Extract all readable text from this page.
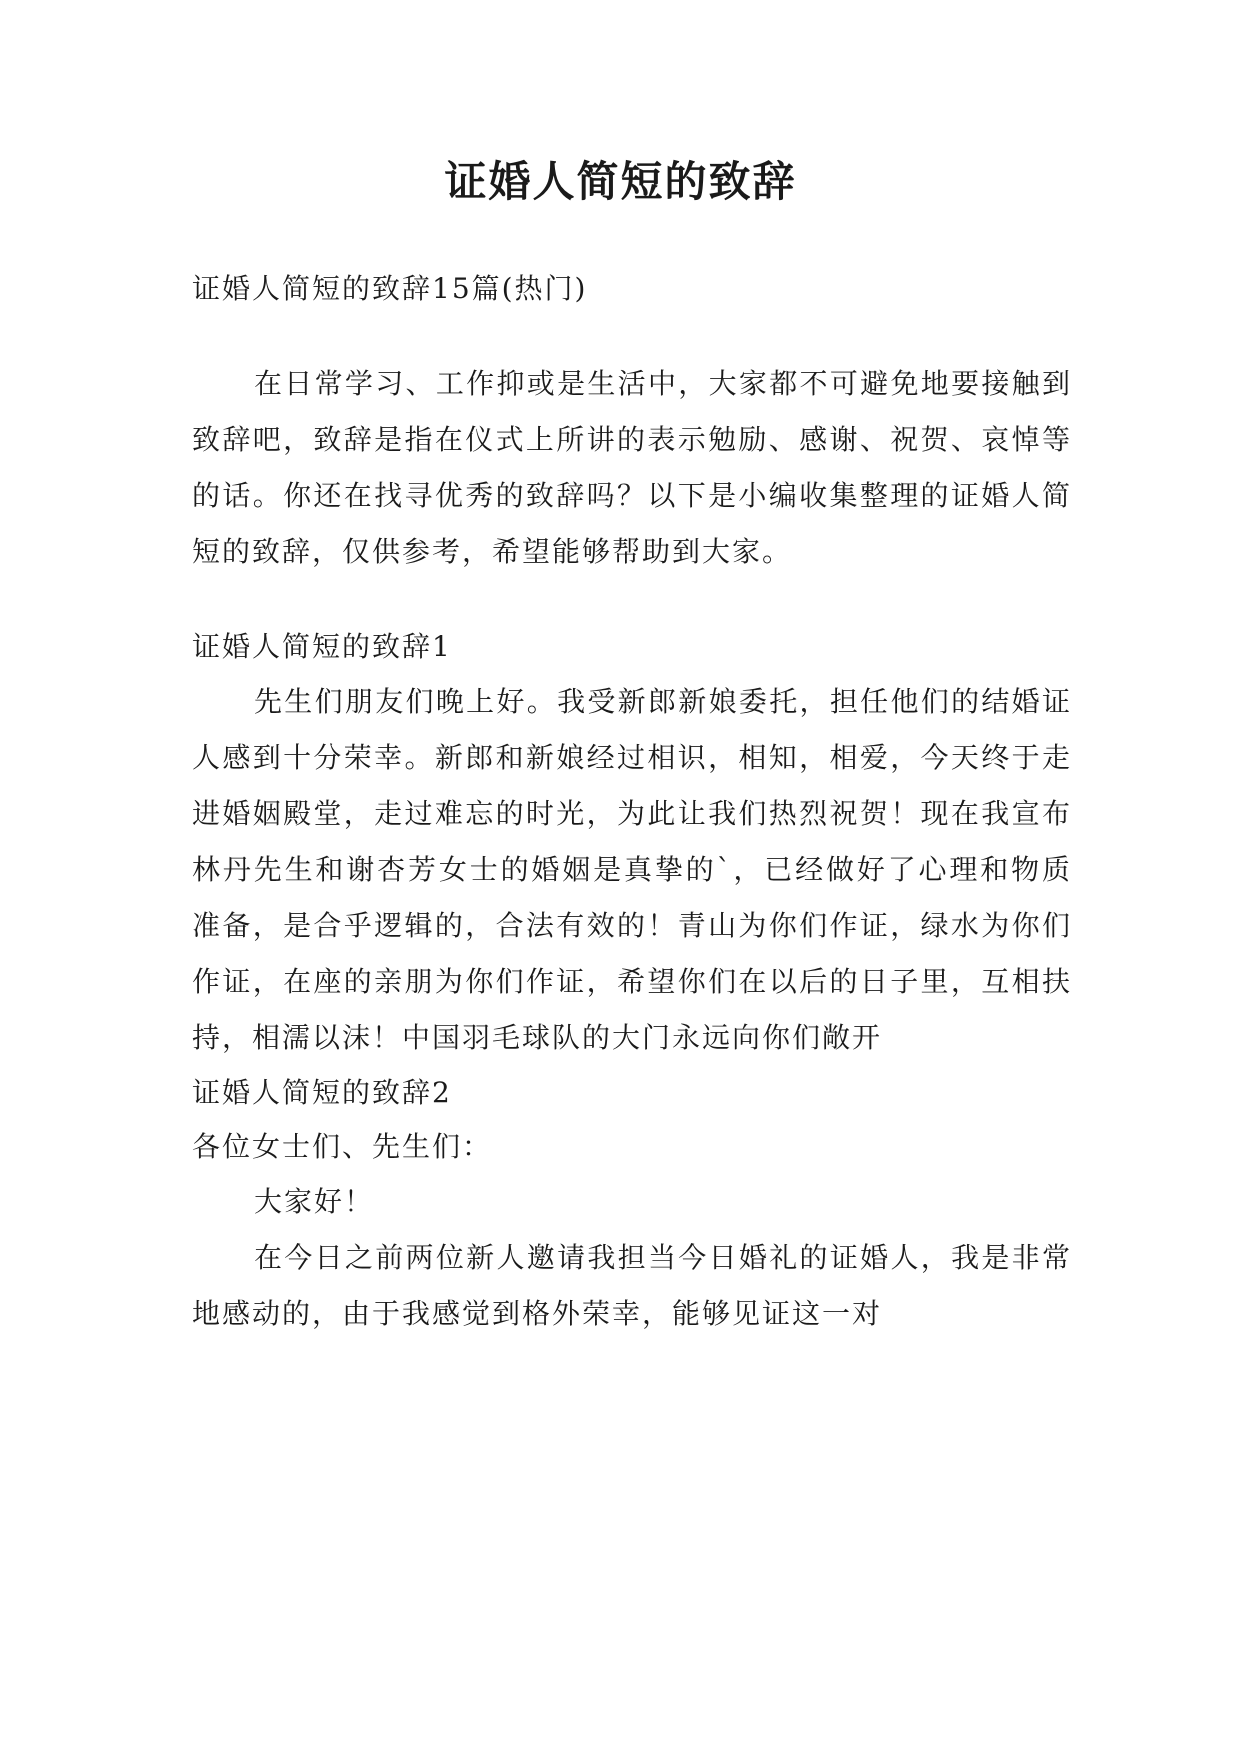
证婚人简短的致辞

证婚人简短的致辞15篇(热门)

在日常学习、工作抑或是生活中，大家都不可避免地要接触到致辞吧，致辞是指在仪式上所讲的表示勉励、感谢、祝贺、哀悼等的话。你还在找寻优秀的致辞吗？以下是小编收集整理的证婚人简短的致辞，仅供参考，希望能够帮助到大家。

证婚人简短的致辞1

先生们朋友们晚上好。我受新郎新娘委托，担任他们的结婚证人感到十分荣幸。新郎和新娘经过相识，相知，相爱，今天终于走进婚姻殿堂，走过难忘的时光，为此让我们热烈祝贺！现在我宣布林丹先生和谢杏芳女士的婚姻是真挚的`，已经做好了心理和物质准备，是合乎逻辑的，合法有效的！青山为你们作证，绿水为你们作证，在座的亲朋为你们作证，希望你们在以后的日子里，互相扶持，相濡以沫！中国羽毛球队的大门永远向你们敞开

证婚人简短的致辞2

各位女士们、先生们：

大家好！

在今日之前两位新人邀请我担当今日婚礼的证婚人，我是非常地感动的，由于我感觉到格外荣幸，能够见证这一对
